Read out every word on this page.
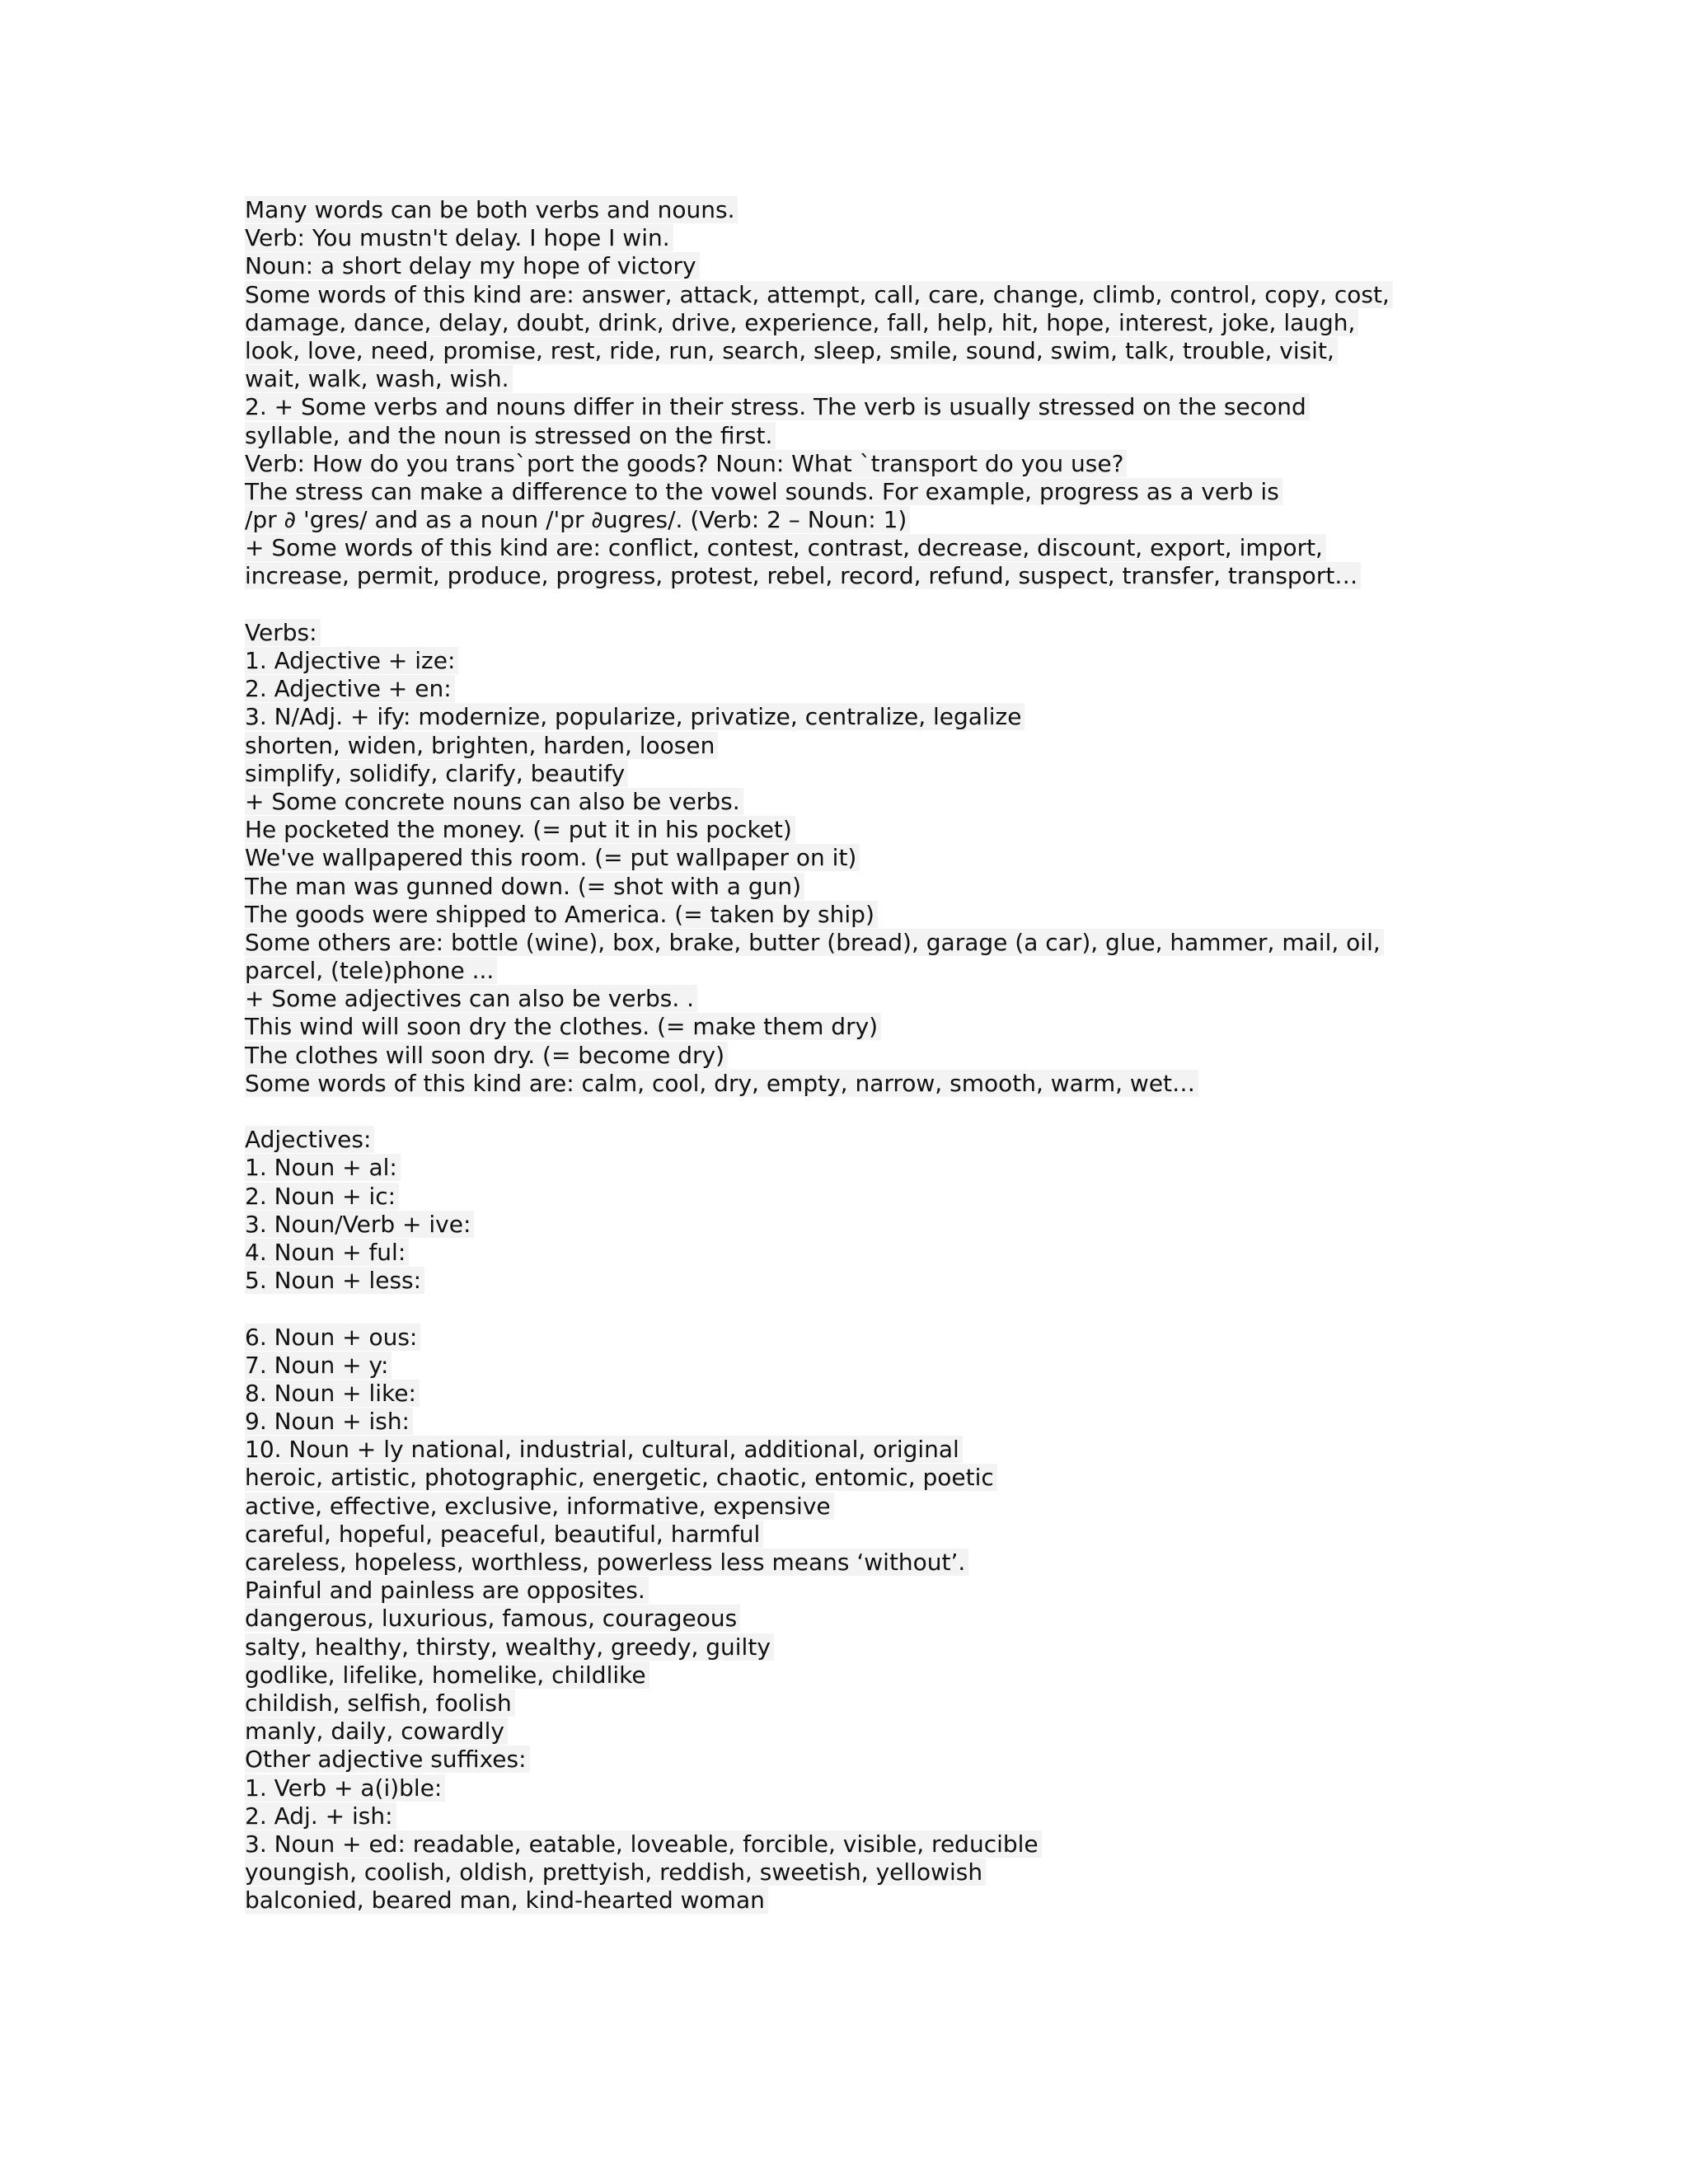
Many words can be both verbs and nouns.
Verb: You mustn't delay. I hope I win.
Noun: a short delay my hope of victory
Some words of this kind are: answer, attack, attempt, call, care, change, climb, control, copy, cost,
damage, dance, delay, doubt, drink, drive, experience, fall, help, hit, hope, interest, joke, laugh,
look, love, need, promise, rest, ride, run, search, sleep, smile, sound, swim, talk, trouble, visit,
wait, walk, wash, wish.
2. + Some verbs and nouns differ in their stress. The verb is usually stressed on the second
syllable, and the noun is stressed on the first.
Verb: How do you trans`port the goods? Noun: What `transport do you use?
The stress can make a difference to the vowel sounds. For example, progress as a verb is
/pr ∂ 'gres/ and as a noun /'pr ∂ugres/. (Verb: 2 – Noun: 1)
+ Some words of this kind are: conflict, contest, contrast, decrease, discount, export, import,
increase, permit, produce, progress, protest, rebel, record, refund, suspect, transfer, transport…
Verbs:
1. Adjective + ize:
2. Adjective + en:
3. N/Adj. + ify: modernize, popularize, privatize, centralize, legalize
shorten, widen, brighten, harden, loosen
simplify, solidify, clarify, beautify
+ Some concrete nouns can also be verbs.
He pocketed the money. (= put it in his pocket)
We've wallpapered this room. (= put wallpaper on it)
The man was gunned down. (= shot with a gun)
The goods were shipped to America. (= taken by ship)
Some others are: bottle (wine), box, brake, butter (bread), garage (a car), glue, hammer, mail, oil,
parcel, (tele)phone ...
+ Some adjectives can also be verbs. .
This wind will soon dry the clothes. (= make them dry)
The clothes will soon dry. (= become dry)
Some words of this kind are: calm, cool, dry, empty, narrow, smooth, warm, wet…
Adjectives:
1. Noun + al:
2. Noun + ic:
3. Noun/Verb + ive:
4. Noun + ful:
5. Noun + less:
6. Noun + ous:
7. Noun + y:
8. Noun + like:
9. Noun + ish:
10. Noun + ly national, industrial, cultural, additional, original
heroic, artistic, photographic, energetic, chaotic, entomic, poetic
active, effective, exclusive, informative, expensive
careful, hopeful, peaceful, beautiful, harmful
careless, hopeless, worthless, powerless less means ‘without’.
Painful and painless are opposites.
dangerous, luxurious, famous, courageous
salty, healthy, thirsty, wealthy, greedy, guilty
godlike, lifelike, homelike, childlike
childish, selfish, foolish
manly, daily, cowardly
Other adjective suffixes:
1. Verb + a(i)ble:
2. Adj. + ish:
3. Noun + ed: readable, eatable, loveable, forcible, visible, reducible
youngish, coolish, oldish, prettyish, reddish, sweetish, yellowish
balconied, beared man, kind-hearted woman
